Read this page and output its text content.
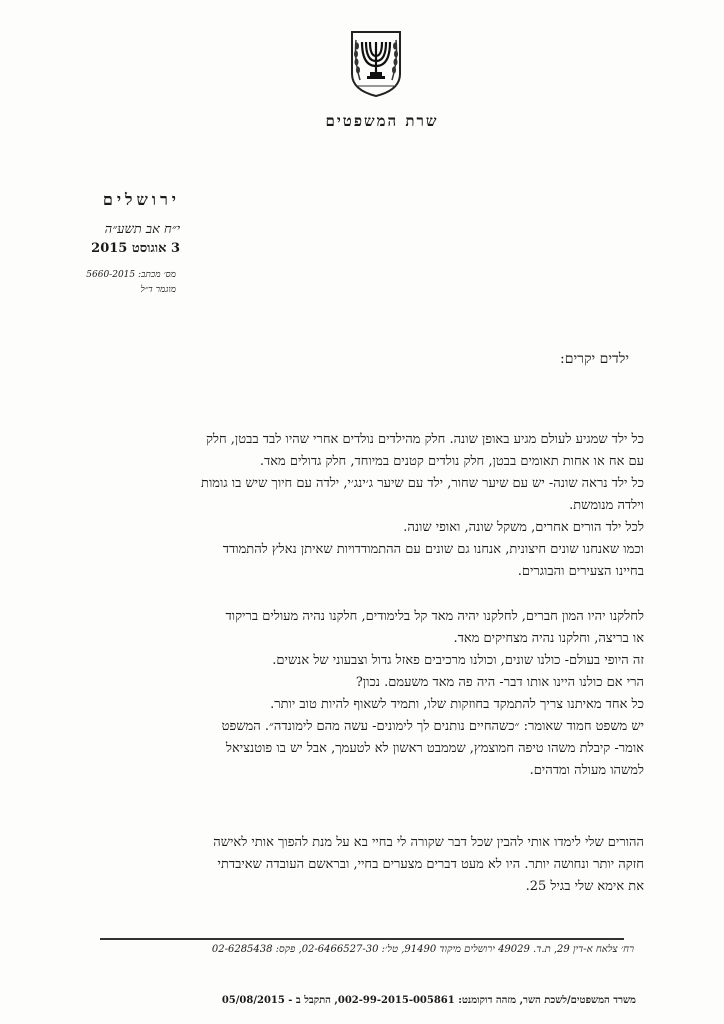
שרת המשפטים
ירושלים
י״ח אב תשע״ה
3 אוגוסט 2015
מס׳ מכתב: 5660-2015
מוגמר ד״ל
ילדים יקרים:

כל ילד שמגיע לעולם מגיע באופן שונה. חלק מהילדים נולדים אחרי שהיו לבד בבטן, חלק

עם אח או אחות תאומים בבטן, חלק נולדים קטנים במיוחד, חלק גדולים מאד.

כל ילד נראה שונה- יש עם שיער שחור, ילד עם שיער ג׳ינג׳י, ילדה עם חיוך שיש בו גומות

וילדה מנומשת.

לכל ילד הורים אחרים, משקל שונה, ואופי שונה.

וכמו שאנחנו שונים חיצונית, אנחנו גם שונים עם ההתמודדויות שאיתן נאלץ להתמודד

בחיינו הצעירים והבוגרים.

לחלקנו יהיו המון חברים, לחלקנו יהיה מאד קל בלימודים, חלקנו נהיה מעולים בריקוד

או בריצה, וחלקנו נהיה מצחיקים מאד.

זה היופי בעולם- כולנו שונים, וכולנו מרכיבים פאזל גדול וצבעוני של אנשים.

הרי אם כולנו היינו אותו דבר- היה פה מאד משעמם. נכון?

כל אחד מאיתנו צריך להתמקד בחוזקות שלו, ותמיד לשאוף להיות טוב יותר.

יש משפט חמוד שאומר: ״כשהחיים נותנים לך לימונים- עשה מהם לימונדה״. המשפט

אומר- קיבלת משהו טיפה חמוצמץ, שממבט ראשון לא לטעמך, אבל יש בו פוטנציאל

למשהו מעולה ומדהים.

ההורים שלי לימדו אותי להבין שכל דבר שקורה לי בחיי בא על מנת להפוך אותי לאישה

חזקה יותר ונחושה יותר. היו לא מעט דברים מצערים בחיי, ובראשם העובדה שאיבדתי

את אימא שלי בגיל 25.

רח׳ צלאח א-דין 29, ת.ד. 49029 ירושלים מיקוד 91490, טל׳: 02-6466527-30, פקס: 02-6285438
משרד המשפטים/לשכת השר, מזהה דוקומנט: 002-99-2015-005861, התקבל ב - 05/08/2015
